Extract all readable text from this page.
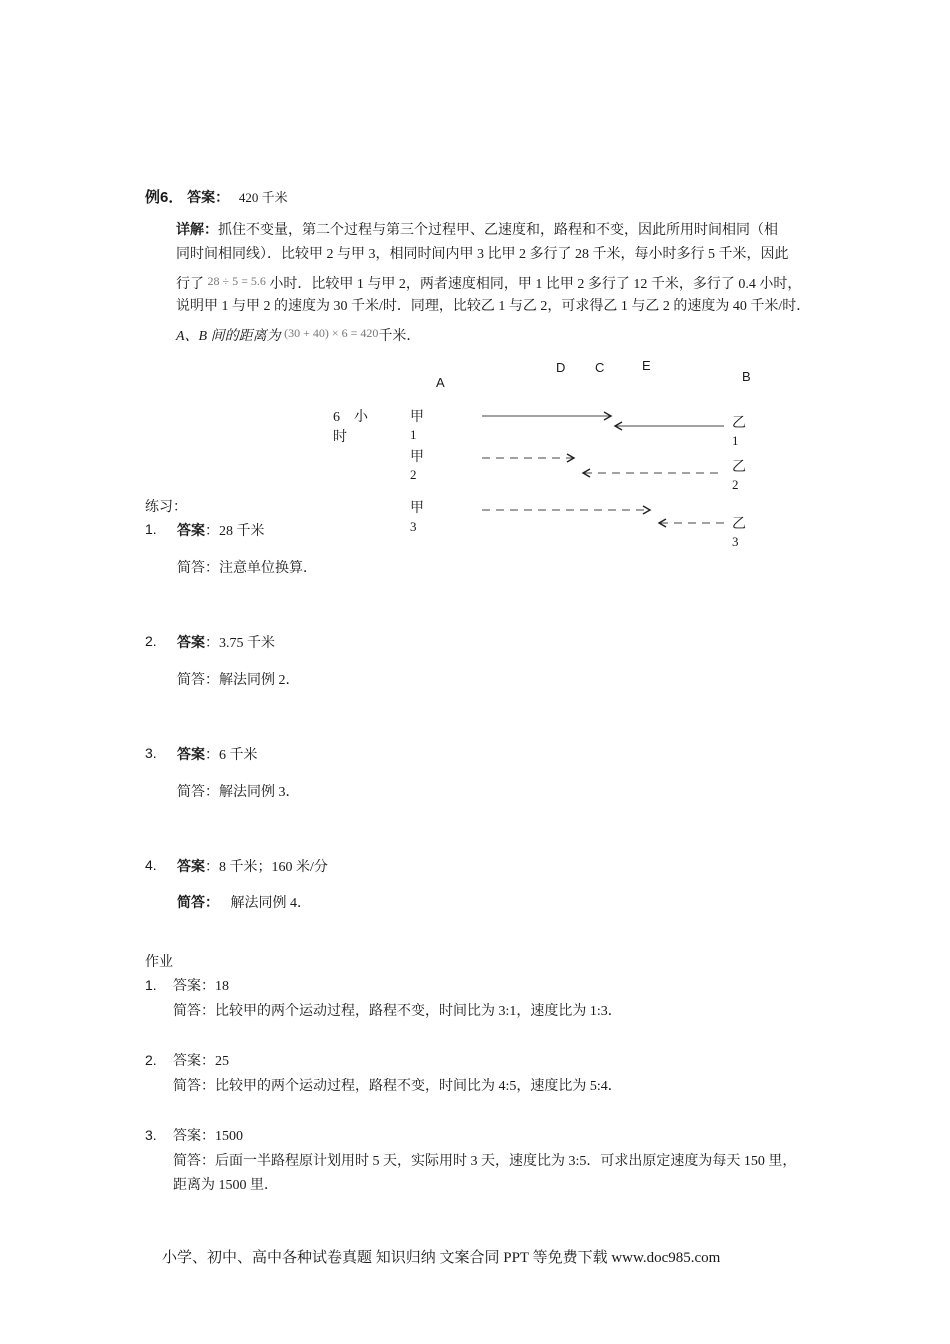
例6． 答案： 420 千米
详解：抓住不变量，第二个过程与第三个过程甲、乙速度和，路程和不变，因此所用时间相同（相
同时间相同线）．比较甲 2 与甲 3，相同时间内甲 3 比甲 2 多行了 28 千米，每小时多行 5 千米，因此
行了 28 ÷ 5 = 5.6 小时．比较甲 1 与甲 2，两者速度相同，甲 1 比甲 2 多行了 12 千米，多行了 0.4 小时，
说明甲 1 与甲 2 的速度为 30 千米/时．同理，比较乙 1 与乙 2，可求得乙 1 与乙 2 的速度为 40 千米/时．
A、B 间的距离为 (30 + 40) × 6 = 420千米．
A
D C	E
B
6　小
时
甲
1
甲
2
甲
3
乙
1
乙
2
乙
3
练习：
1. 答案：28 千米
简答：注意单位换算．
2. 答案：3.75 千米
简答：解法同例 2．
3. 答案：6 千米
简答：解法同例 3．
4. 答案：8 千米；160 米/分
简答： 解法同例 4．
作业
1. 答案：18
简答：比较甲的两个运动过程，路程不变，时间比为 3:1，速度比为 1:3．
2. 答案：25
简答：比较甲的两个运动过程，路程不变，时间比为 4:5，速度比为 5:4．
3. 答案：1500
简答：后面一半路程原计划用时 5 天，实际用时 3 天，速度比为 3:5．可求出原定速度为每天 150 里，
距离为 1500 里．
小学、初中、高中各种试卷真题 知识归纳 文案合同 PPT 等免费下载 www.doc985.com
